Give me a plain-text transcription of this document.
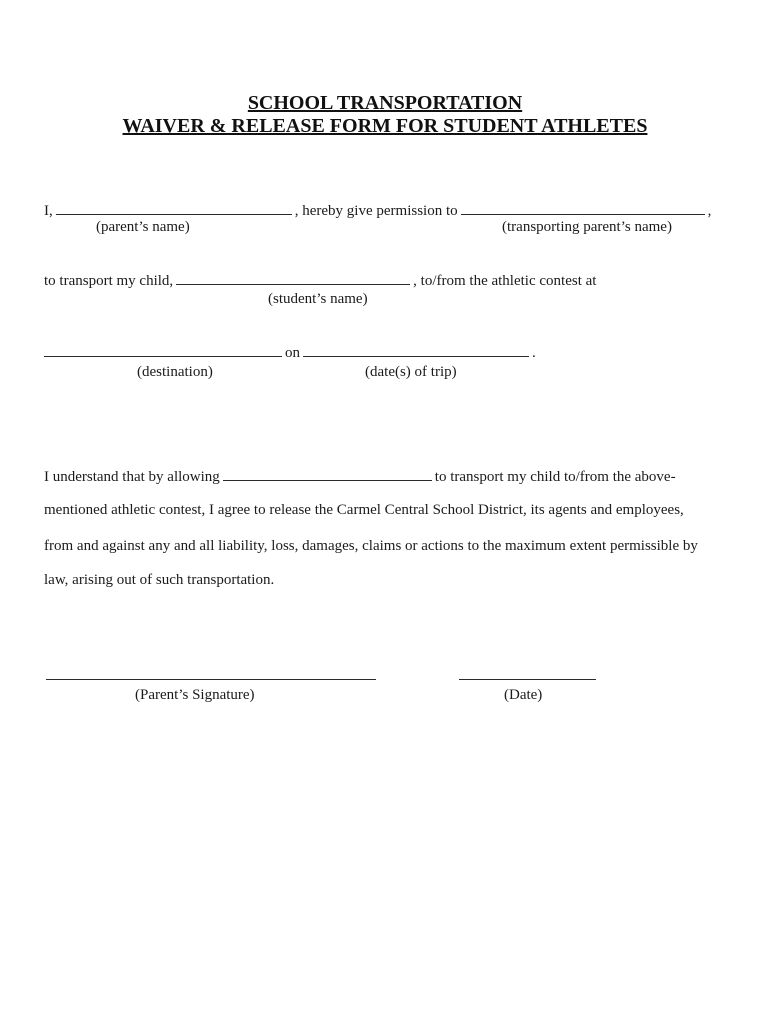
SCHOOL TRANSPORTATION
WAIVER & RELEASE FORM FOR STUDENT ATHLETES
I,	, hereby give permission to	,
(parent’s name)	(transporting parent’s name)
to transport my child,	, to/from the athletic contest at
(student’s name)
on	.
(destination)	(date(s) of trip)
I understand that by allowing	to transport my child to/from the above-
mentioned athletic contest, I agree to release the Carmel Central School District, its agents and employees,
from and against any and all liability, loss, damages, claims or actions to the maximum extent permissible by
law, arising out of such transportation.
(Parent’s Signature)	(Date)
